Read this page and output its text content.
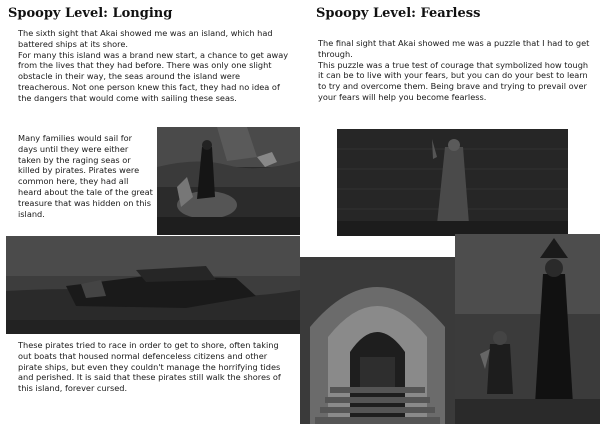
Spoopy Level: Longing
The sixth sight that Akai showed me was an island, which had battered ships at its shore.
For many this island was a brand new start, a chance to get away from the lives that they had before. There was only one slight obstacle in their way, the seas around the island were treacherous. Not one person knew this fact, they had no idea of the dangers that would come with sailing these seas.
Many families would sail for days until they were either taken by the raging seas or killed by pirates. Pirates were common here, they had all heard about the tale of the great treasure that was hidden on this island.
These pirates tried to race in order to get to shore, often taking out boats that housed normal defenceless citizens and other pirate ships, but even they couldn't manage the horrifying tides and perished. It is said that these pirates still walk the shores of this island, forever cursed.
Spoopy Level: Fearless
The final sight that Akai showed me was a puzzle that I had to get through.
This puzzle was a true test of courage that symbolized how tough it can be to live with your fears, but you can do your best to learn to try and overcome them. Being brave and trying to prevail over your fears will help you become fearless.
